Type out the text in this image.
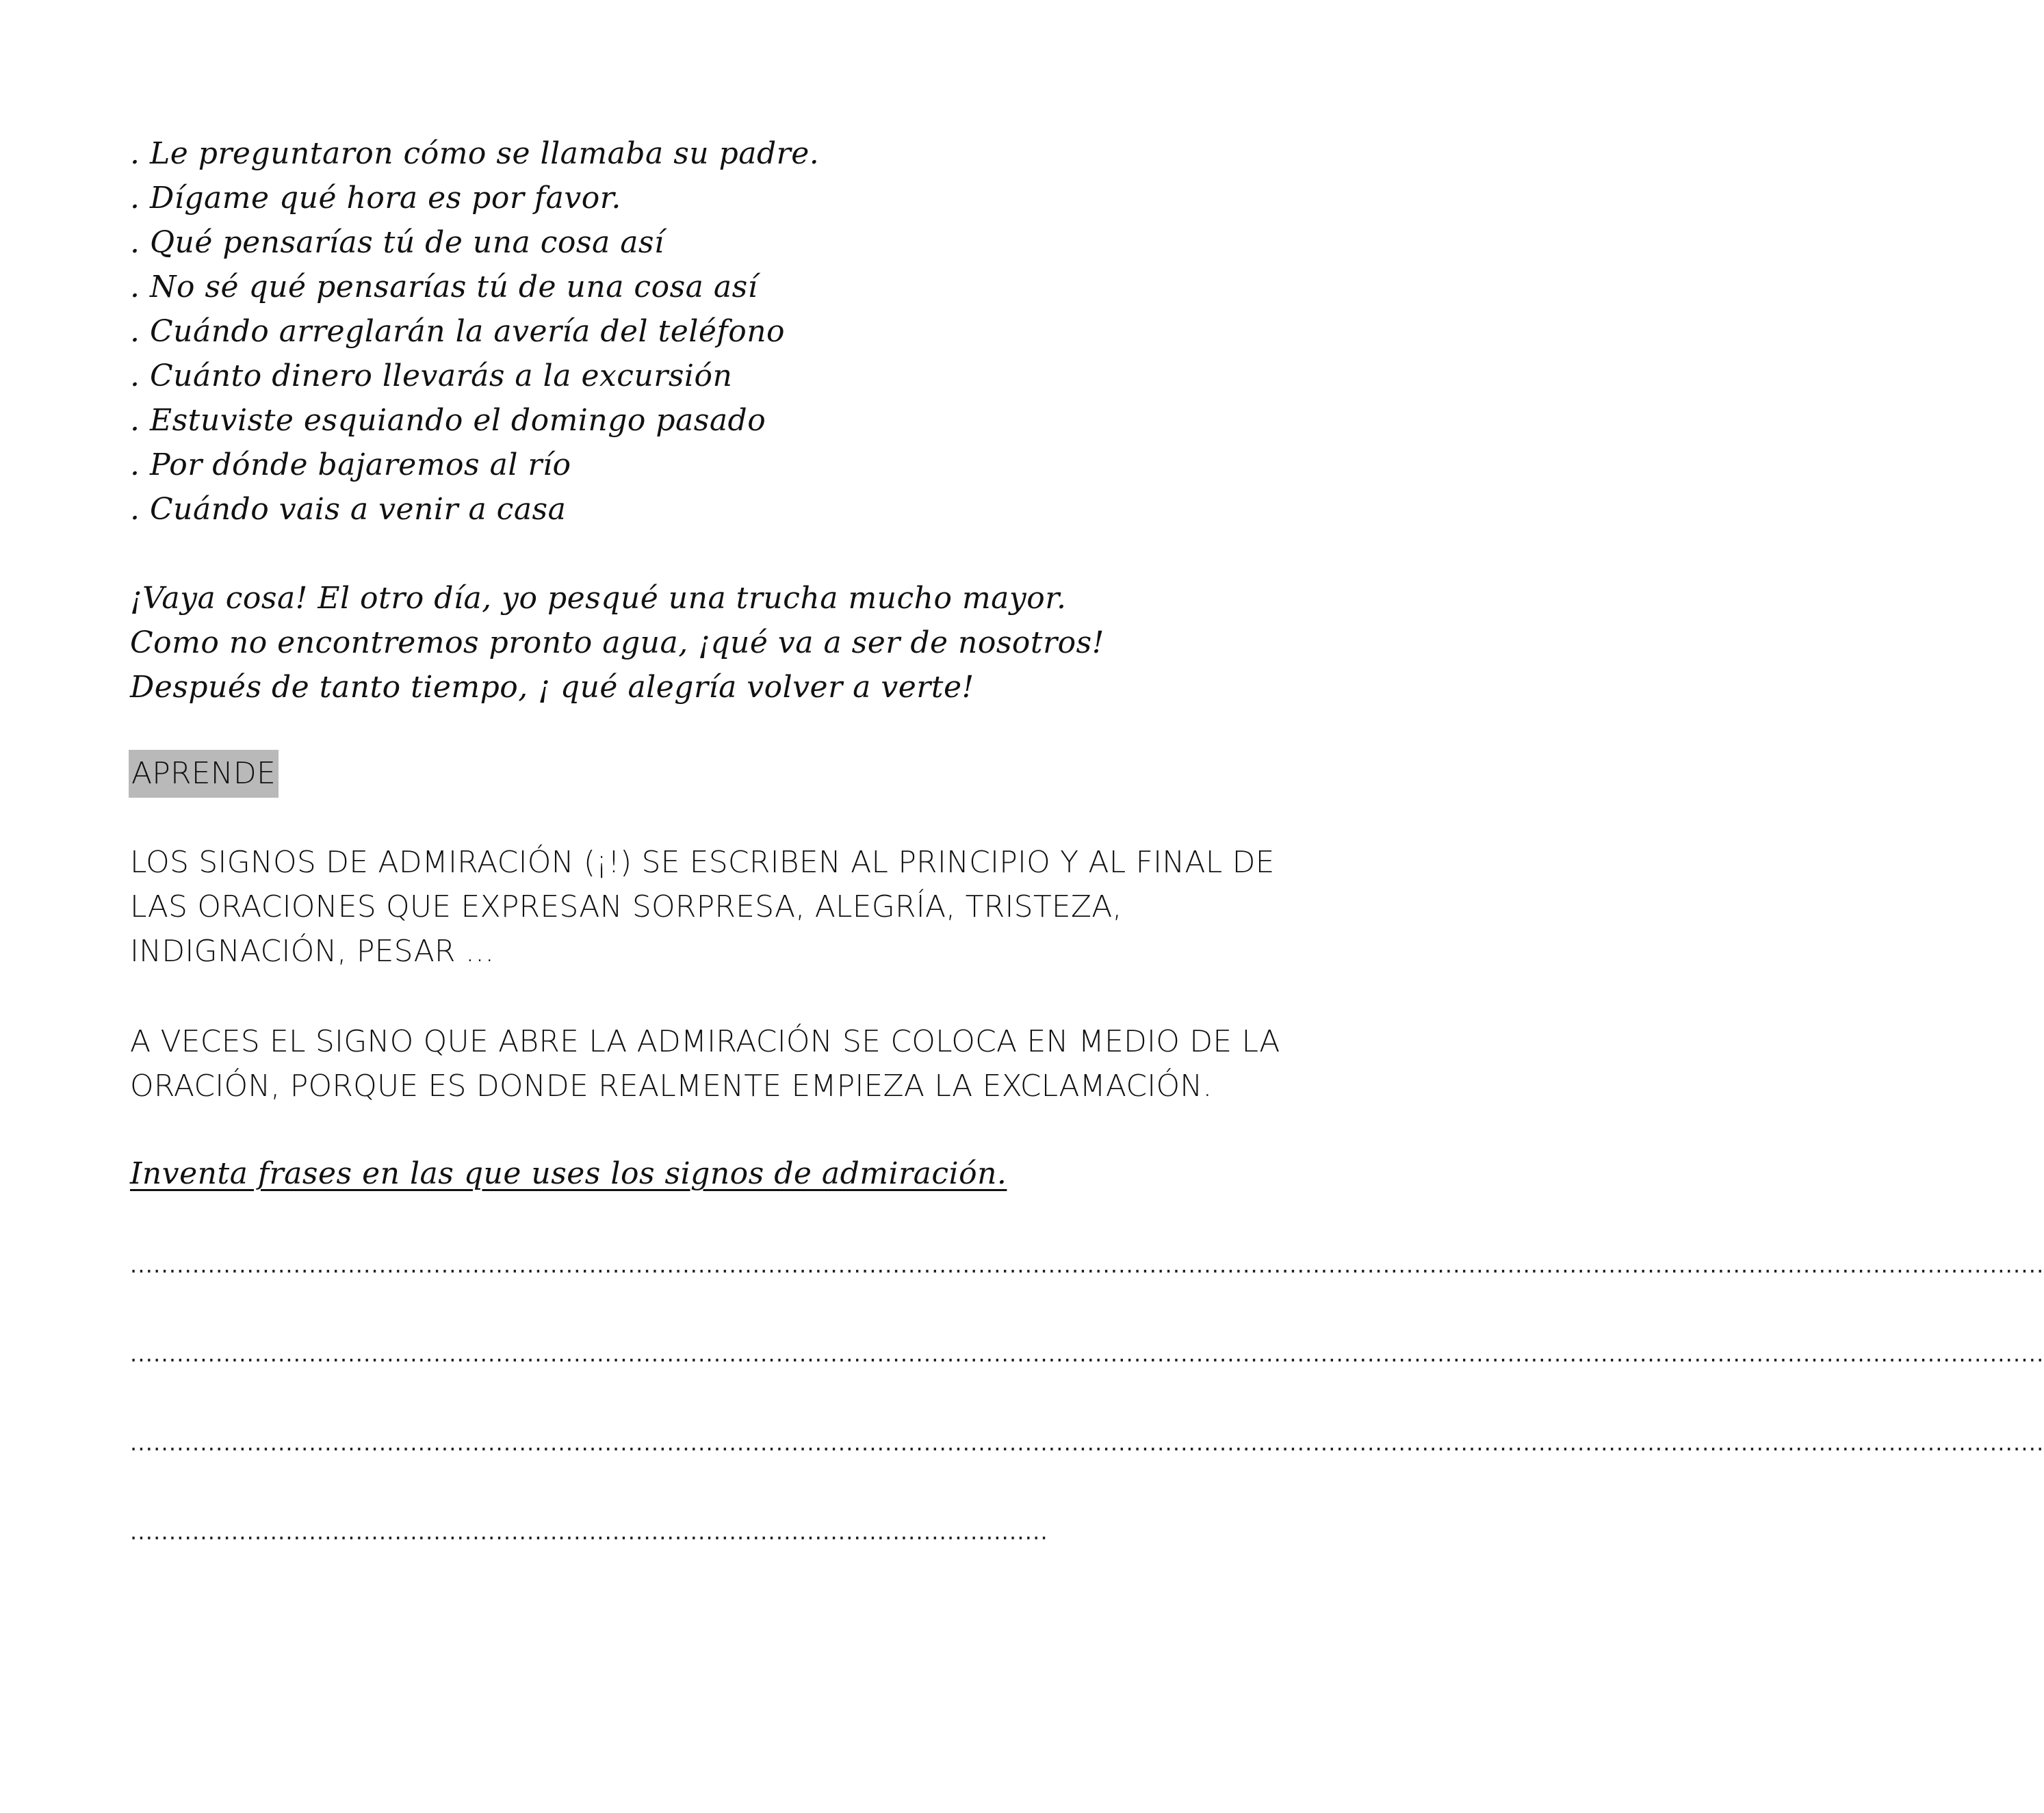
. Le preguntaron cómo se llamaba su padre.
. Dígame qué hora es por favor.
. Qué pensarías tú de una cosa así
. No sé qué pensarías tú de una cosa así
. Cuándo arreglarán la avería del teléfono
. Cuánto dinero llevarás a la excursión
. Estuviste esquiando el domingo pasado
. Por dónde bajaremos al río
. Cuándo vais a venir a casa
¡Vaya cosa! El otro día, yo pesqué una trucha mucho mayor.
Como no encontremos pronto agua, ¡qué va a ser de nosotros!
Después de tanto tiempo, ¡ qué alegría volver a verte!
APRENDE
LOS SIGNOS DE ADMIRACIÓN (¡!) SE ESCRIBEN AL PRINCIPIO Y AL FINAL DE
LAS ORACIONES QUE EXPRESAN SORPRESA, ALEGRÍA, TRISTEZA,
INDIGNACIÓN, PESAR ...
A VECES EL SIGNO QUE ABRE LA ADMIRACIÓN SE COLOCA EN MEDIO DE LA
ORACIÓN, PORQUE ES DONDE REALMENTE EMPIEZA LA EXCLAMACIÓN.
Inventa frases en las que uses los signos de admiración.
......................................................................................................................................................................................................................................................
......................................................................................................................................................................................................................................................
......................................................................................................................................................................................................................................................
......................................................................................................................
